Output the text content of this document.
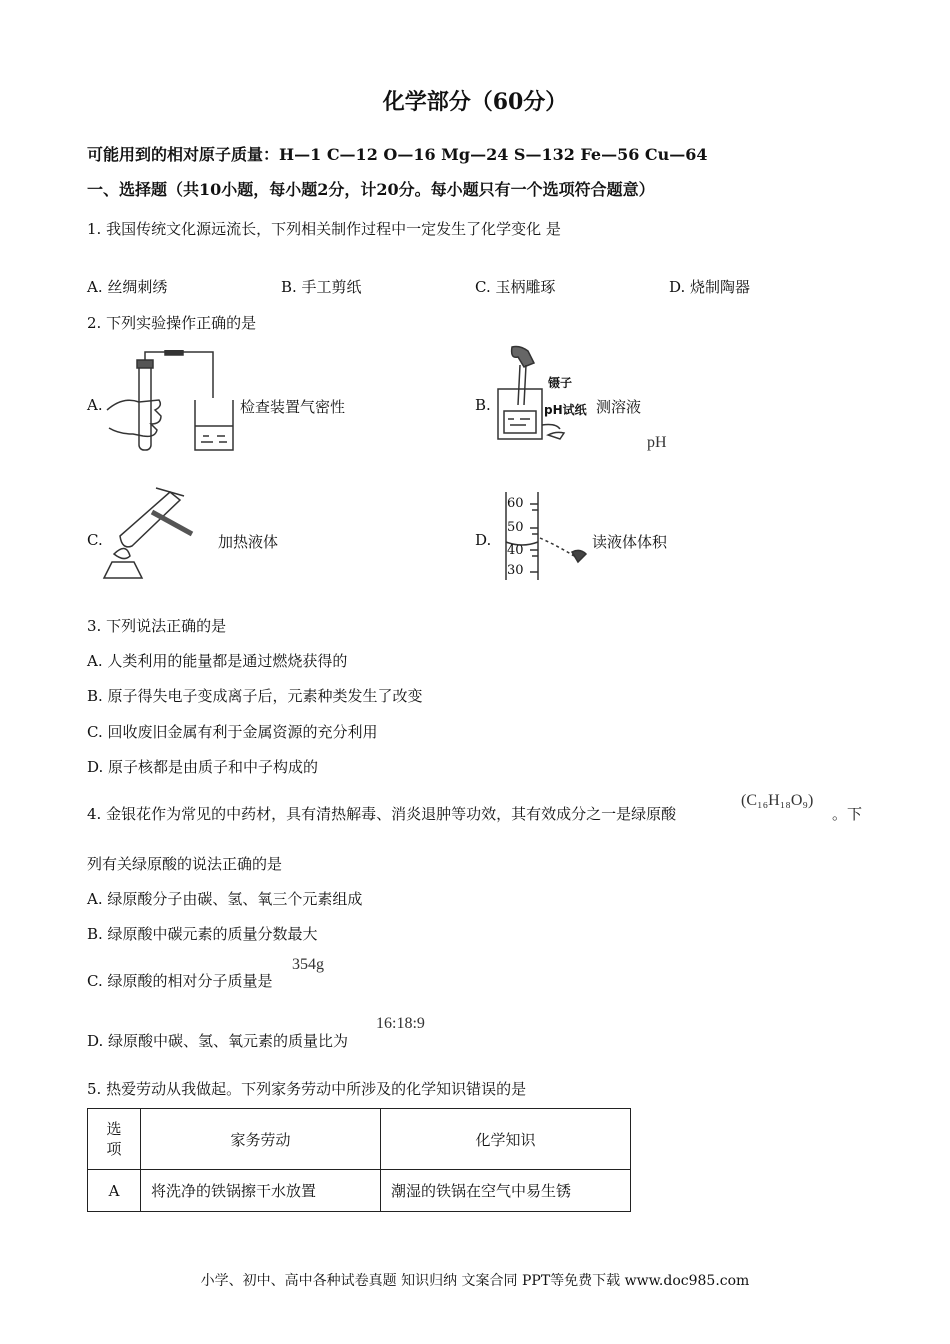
化学部分（60分）
可能用到的相对原子质量：H—1 C—12 O—16 Mg—24 S—132 Fe—56 Cu—64
一、选择题（共10小题，每小题2分，计20分。每小题只有一个选项符合题意）
1. 我国传统文化源远流长，下列相关制作过程中一定发生了化学变化 是
A. 丝绸刺绣	B. 手工剪纸	C. 玉柄雕琢	D. 烧制陶器
2. 下列实验操作正确的是
A.	检查装置气密性	B.
镊子
pH试纸 测溶液
pH
C.	加热液体	D.
60
50
40
30
读液体体积
3. 下列说法正确的是
A. 人类利用的能量都是通过燃烧获得的
B. 原子得失电子变成离子后，元素种类发生了改变
C. 回收废旧金属有利于金属资源的充分利用
D. 原子核都是由质子和中子构成的
4. 金银花作为常见的中药材，具有清热解毒、消炎退肿等功效，其有效成分之一是绿原酸
(C₁₆H₁₈O₉)
。下
列有关绿原酸的说法正确的是
A. 绿原酸分子由碳、氢、氧三个元素组成
B. 绿原酸中碳元素的质量分数最大
C. 绿原酸的相对分子质量是
354g
D. 绿原酸中碳、氢、氧元素的质量比为
16:18:9
5. 热爱劳动从我做起。下列家务劳动中所涉及的化学知识错误的是
选
项	家务劳动	化学知识
A	将洗净的铁锅擦干水放置	潮湿的铁锅在空气中易生锈
小学、初中、高中各种试卷真题 知识归纳 文案合同 PPT等免费下载 www.doc985.com
